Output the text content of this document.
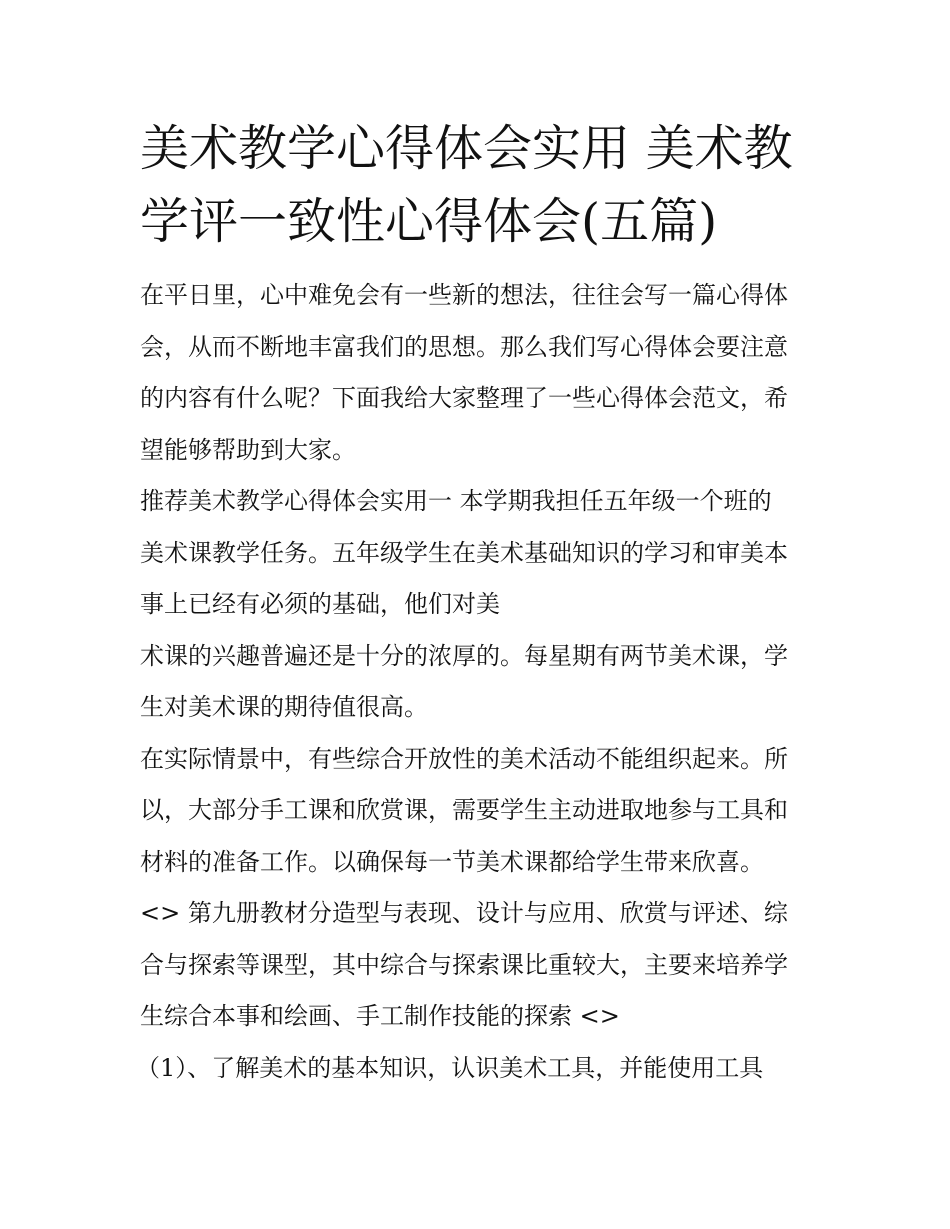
美术教学心得体会实用 美术教
学评一致性心得体会(五篇)
在平日里，心中难免会有一些新的想法，往往会写一篇心得体
会，从而不断地丰富我们的思想。那么我们写心得体会要注意
的内容有什么呢？下面我给大家整理了一些心得体会范文，希
望能够帮助到大家。
推荐美术教学心得体会实用一 本学期我担任五年级一个班的
美术课教学任务。五年级学生在美术基础知识的学习和审美本
事上已经有必须的基础，他们对美
术课的兴趣普遍还是十分的浓厚的。每星期有两节美术课，学
生对美术课的期待值很高。
在实际情景中，有些综合开放性的美术活动不能组织起来。所
以，大部分手工课和欣赏课，需要学生主动进取地参与工具和
材料的准备工作。以确保每一节美术课都给学生带来欣喜。
<> 第九册教材分造型与表现、设计与应用、欣赏与评述、综
合与探索等课型，其中综合与探索课比重较大，主要来培养学
生综合本事和绘画、手工制作技能的探索 <>
（1）、了解美术的基本知识，认识美术工具，并能使用工具
